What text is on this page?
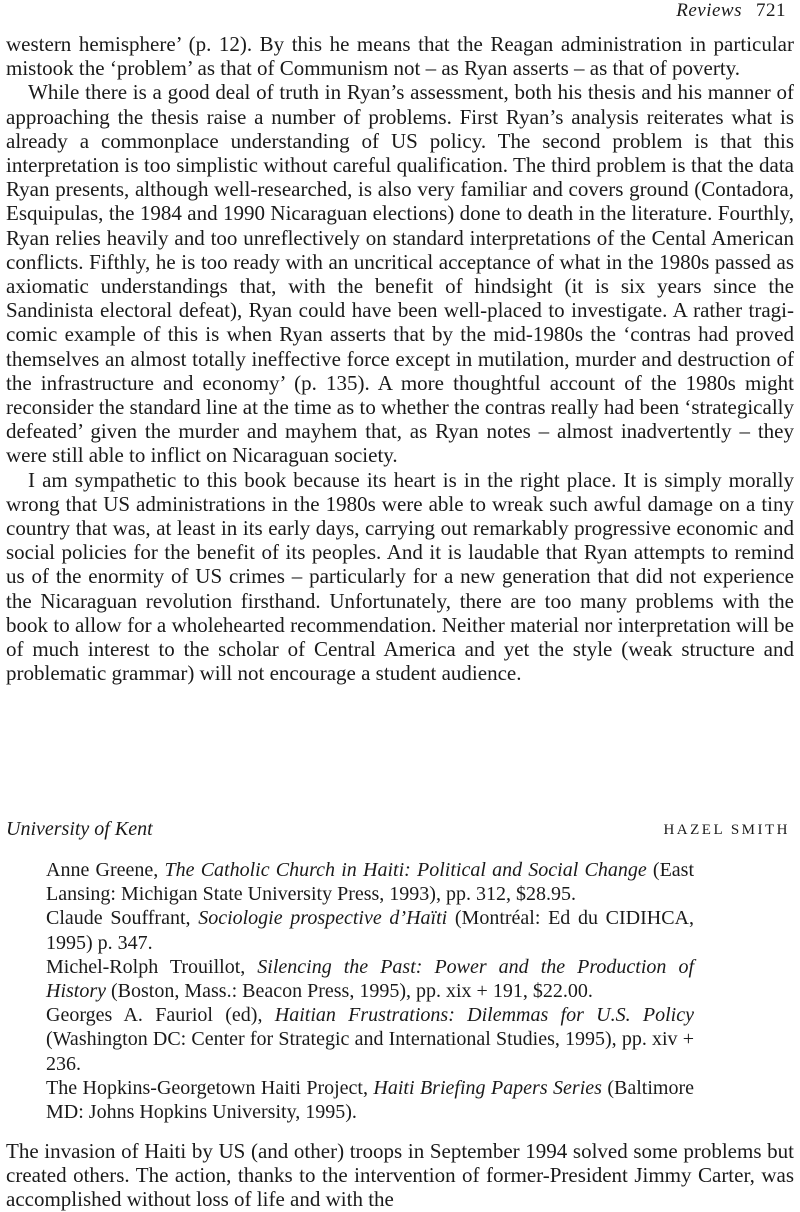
Reviews 721

western hemisphere’ (p. 12). By this he means that the Reagan administration in particular mistook the ‘problem’ as that of Communism not – as Ryan asserts – as that of poverty.

While there is a good deal of truth in Ryan’s assessment, both his thesis and his manner of approaching the thesis raise a number of problems. First Ryan’s analysis reiterates what is already a commonplace understanding of US policy. The second problem is that this interpretation is too simplistic without careful qualification. The third problem is that the data Ryan presents, although well-researched, is also very familiar and covers ground (Contadora, Esquipulas, the 1984 and 1990 Nicaraguan elections) done to death in the literature. Fourthly, Ryan relies heavily and too unreflectively on standard interpretations of the Cental American conflicts. Fifthly, he is too ready with an uncritical acceptance of what in the 1980s passed as axiomatic understandings that, with the benefit of hindsight (it is six years since the Sandinista electoral defeat), Ryan could have been well-placed to investigate. A rather tragi-comic example of this is when Ryan asserts that by the mid-1980s the ‘contras had proved themselves an almost totally ineffective force except in mutilation, murder and destruction of the infrastructure and economy’ (p. 135). A more thoughtful account of the 1980s might reconsider the standard line at the time as to whether the contras really had been ‘strategically defeated’ given the murder and mayhem that, as Ryan notes – almost inadvertently – they were still able to inflict on Nicaraguan society.

I am sympathetic to this book because its heart is in the right place. It is simply morally wrong that US administrations in the 1980s were able to wreak such awful damage on a tiny country that was, at least in its early days, carrying out remarkably progressive economic and social policies for the benefit of its peoples. And it is laudable that Ryan attempts to remind us of the enormity of US crimes – particularly for a new generation that did not experience the Nicaraguan revolution firsthand. Unfortunately, there are too many problems with the book to allow for a wholehearted recommendation. Neither material nor interpretation will be of much interest to the scholar of Central America and yet the style (weak structure and problematic grammar) will not encourage a student audience.

University of Kent	HAZEL SMITH

Anne Greene, The Catholic Church in Haiti: Political and Social Change (East Lansing: Michigan State University Press, 1993), pp. 312, $28.95.

Claude Souffrant, Sociologie prospective d’Haïti (Montréal: Ed du CIDIHCA, 1995) p. 347.

Michel-Rolph Trouillot, Silencing the Past: Power and the Production of History (Boston, Mass.: Beacon Press, 1995), pp. xix + 191, $22.00.

Georges A. Fauriol (ed), Haitian Frustrations: Dilemmas for U.S. Policy (Washington DC: Center for Strategic and International Studies, 1995), pp. xiv + 236.

The Hopkins-Georgetown Haiti Project, Haiti Briefing Papers Series (Baltimore MD: Johns Hopkins University, 1995).

The invasion of Haiti by US (and other) troops in September 1994 solved some problems but created others. The action, thanks to the intervention of former-President Jimmy Carter, was accomplished without loss of life and with the
